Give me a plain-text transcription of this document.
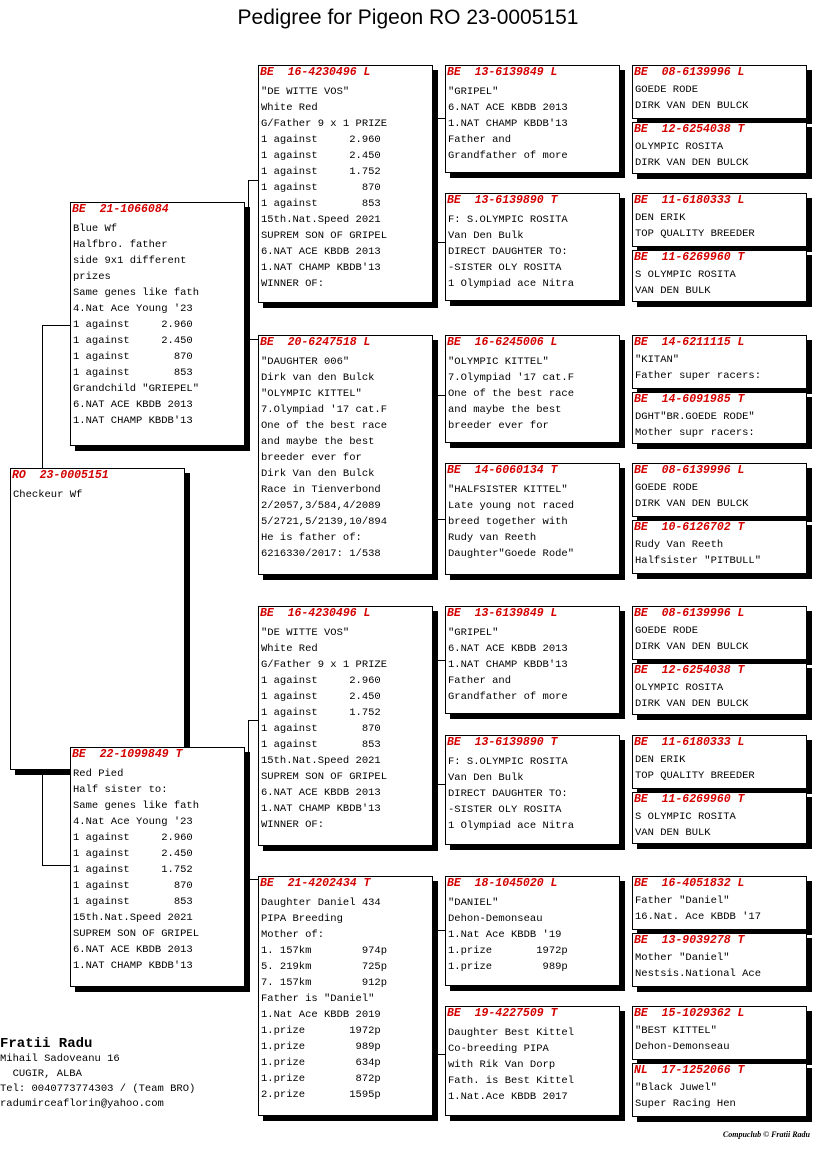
Pedigree for Pigeon RO 23-0005151
RO  23-0005151
Checkeur Wf
BE  21-1066084
Blue Wf
Halfbro. father
side 9x1 different
prizes
Same genes like fath
4.Nat Ace Young '23
1 against     2.960
1 against     2.450
1 against       870
1 against       853
Grandchild "GRIEPEL"
6.NAT ACE KBDB 2013
1.NAT CHAMP KBDB'13
BE  22-1099849 T
Red Pied
Half sister to:
Same genes like fath
4.Nat Ace Young '23
1 against     2.960
1 against     2.450
1 against     1.752
1 against       870
1 against       853
15th.Nat.Speed 2021
SUPREM SON OF GRIPEL
6.NAT ACE KBDB 2013
1.NAT CHAMP KBDB'13
BE  16-4230496 L
"DE WITTE VOS"
White Red
G/Father 9 x 1 PRIZE
1 against     2.960
1 against     2.450
1 against     1.752
1 against       870
1 against       853
15th.Nat.Speed 2021
SUPREM SON OF GRIPEL
6.NAT ACE KBDB 2013
1.NAT CHAMP KBDB'13
WINNER OF:
BE  20-6247518 L
"DAUGHTER 006"
Dirk van den Bulck
"OLYMPIC KITTEL"
7.Olympiad '17 cat.F
One of the best race
and maybe the best
breeder ever for
Dirk Van den Bulck
Race in Tienverbond
2/2057,3/584,4/2089
5/2721,5/2139,10/894
He is father of:
6216330/2017: 1/538
BE  16-4230496 L
"DE WITTE VOS"
White Red
G/Father 9 x 1 PRIZE
1 against     2.960
1 against     2.450
1 against     1.752
1 against       870
1 against       853
15th.Nat.Speed 2021
SUPREM SON OF GRIPEL
6.NAT ACE KBDB 2013
1.NAT CHAMP KBDB'13
WINNER OF:
BE  21-4202434 T
Daughter Daniel 434
PIPA Breeding
Mother of:
1. 157km        974p
5. 219km        725p
7. 157km        912p
Father is "Daniel"
1.Nat Ace KBDB 2019
1.prize       1972p
1.prize        989p
1.prize        634p
1.prize        872p
2.prize       1595p
BE  13-6139849 L
"GRIPEL"
6.NAT ACE KBDB 2013
1.NAT CHAMP KBDB'13
Father and
Grandfather of more
BE  13-6139890 T
F: S.OLYMPIC ROSITA
Van Den Bulk
DIRECT DAUGHTER TO:
-SISTER OLY ROSITA
1 Olympiad ace Nitra
BE  16-6245006 L
"OLYMPIC KITTEL"
7.Olympiad '17 cat.F
One of the best race
and maybe the best
breeder ever for
BE  14-6060134 T
"HALFSISTER KITTEL"
Late young not raced
breed together with
Rudy van Reeth
Daughter"Goede Rode"
BE  13-6139849 L
"GRIPEL"
6.NAT ACE KBDB 2013
1.NAT CHAMP KBDB'13
Father and
Grandfather of more
BE  13-6139890 T
F: S.OLYMPIC ROSITA
Van Den Bulk
DIRECT DAUGHTER TO:
-SISTER OLY ROSITA
1 Olympiad ace Nitra
BE  18-1045020 L
"DANIEL"
Dehon-Demonseau
1.Nat Ace KBDB '19
1.prize       1972p
1.prize        989p
BE  19-4227509 T
Daughter Best Kittel
Co-breeding PIPA
with Rik Van Dorp
Fath. is Best Kittel
1.Nat.Ace KBDB 2017
BE  08-6139996 L
GOEDE RODE
DIRK VAN DEN BULCK
BE  12-6254038 T
OLYMPIC ROSITA
DIRK VAN DEN BULCK
BE  11-6180333 L
DEN ERIK
TOP QUALITY BREEDER
BE  11-6269960 T
S OLYMPIC ROSITA
VAN DEN BULK
BE  14-6211115 L
"KITAN"
Father super racers:
BE  14-6091985 T
DGHT"BR.GOEDE RODE"
Mother supr racers:
BE  08-6139996 L
GOEDE RODE
DIRK VAN DEN BULCK
BE  10-6126702 T
Rudy Van Reeth
Halfsister "PITBULL"
BE  08-6139996 L
GOEDE RODE
DIRK VAN DEN BULCK
BE  12-6254038 T
OLYMPIC ROSITA
DIRK VAN DEN BULCK
BE  11-6180333 L
DEN ERIK
TOP QUALITY BREEDER
BE  11-6269960 T
S OLYMPIC ROSITA
VAN DEN BULK
BE  16-4051832 L
Father "Daniel"
16.Nat. Ace KBDB '17
BE  13-9039278 T
Mother "Daniel"
Nestsis.National Ace
BE  15-1029362 L
"BEST KITTEL"
Dehon-Demonseau
NL  17-1252066 T
"Black Juwel"
Super Racing Hen
Fratii Radu
Mihail Sadoveanu 16
CUGIR, ALBA
Tel: 0040773774303 / (Team BRO)
radumirceaflorin@yahoo.com
Compuclub © Fratii Radu
